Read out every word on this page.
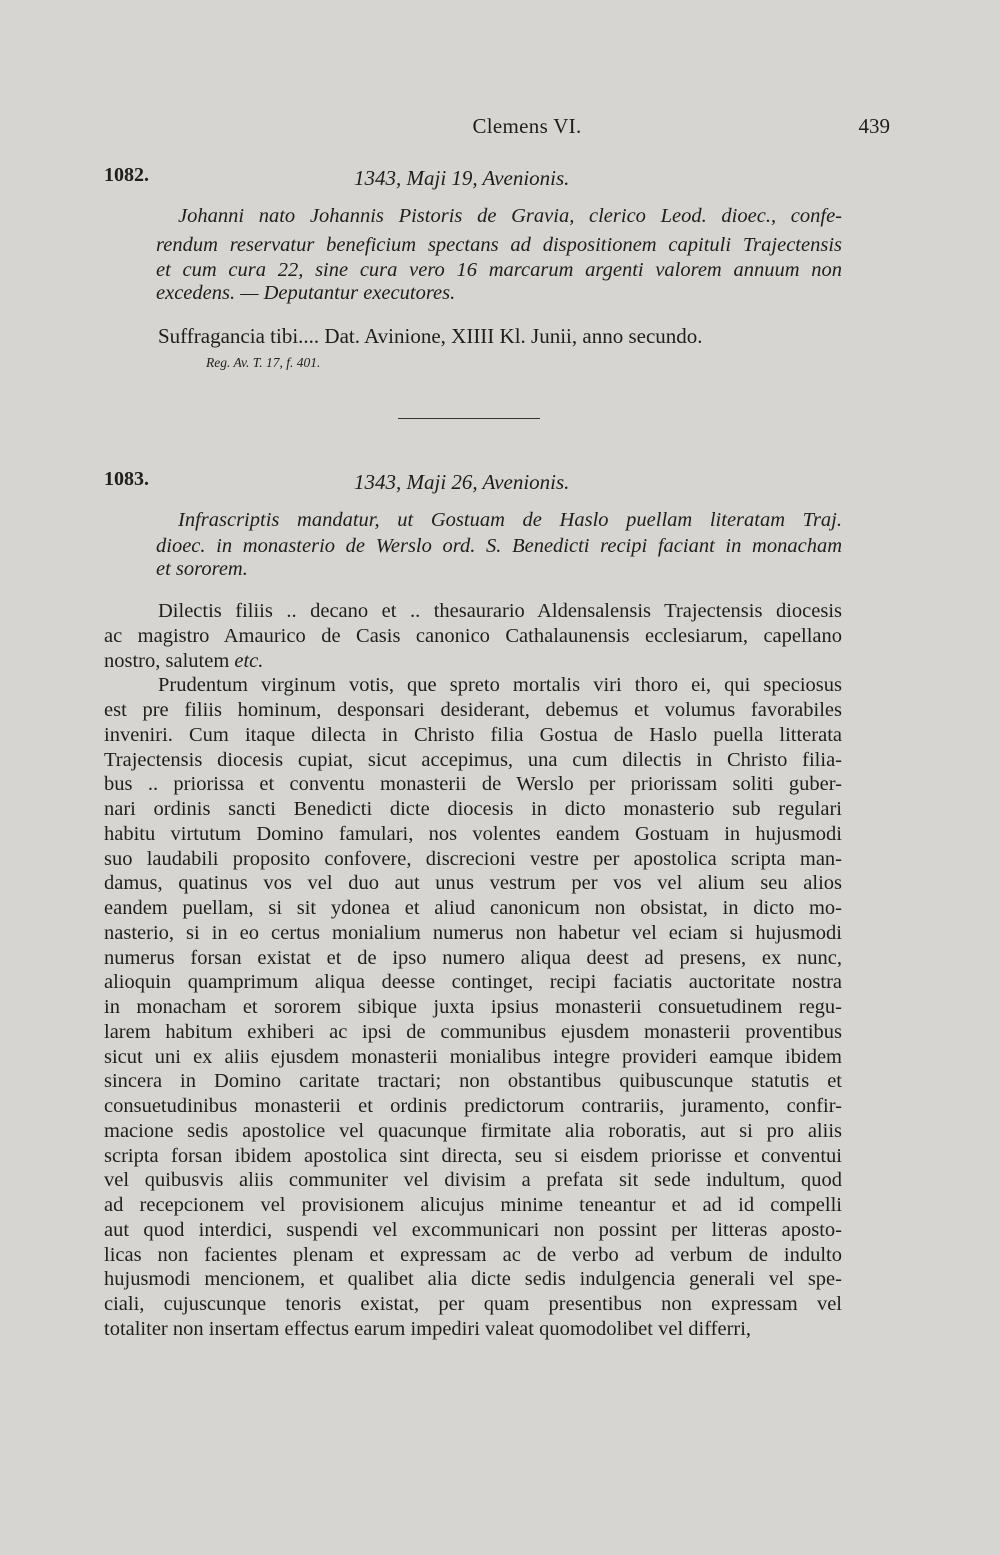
Clemens VI.	439
1082.	1343, Maji 19, Avenionis.
Johanni nato Johannis Pistoris de Gravia, clerico Leod. dioec., confe-
rendum reservatur beneficium spectans ad dispositionem capituli Trajectensis
et cum cura 22, sine cura vero 16 marcarum argenti valorem annuum non
excedens. — Deputantur executores.
Suffragancia tibi.... Dat. Avinione, XIIII Kl. Junii, anno secundo.
Reg. Av. T. 17, f. 401.
1083.	1343, Maji 26, Avenionis.
Infrascriptis mandatur, ut Gostuam de Haslo puellam literatam Traj.
dioec. in monasterio de Werslo ord. S. Benedicti recipi faciant in monacham
et sororem.
Dilectis filiis .. decano et .. thesaurario Aldensalensis Trajectensis diocesis
ac magistro Amaurico de Casis canonico Cathalaunensis ecclesiarum, capellano
nostro, salutem etc.
Prudentum virginum votis, que spreto mortalis viri thoro ei, qui speciosus
est pre filiis hominum, desponsari desiderant, debemus et volumus favorabiles
inveniri. Cum itaque dilecta in Christo filia Gostua de Haslo puella litterata
Trajectensis diocesis cupiat, sicut accepimus, una cum dilectis in Christo filia-
bus .. priorissa et conventu monasterii de Werslo per priorissam soliti guber-
nari ordinis sancti Benedicti dicte diocesis in dicto monasterio sub regulari
habitu virtutum Domino famulari, nos volentes eandem Gostuam in hujusmodi
suo laudabili proposito confovere, discrecioni vestre per apostolica scripta man-
damus, quatinus vos vel duo aut unus vestrum per vos vel alium seu alios
eandem puellam, si sit ydonea et aliud canonicum non obsistat, in dicto mo-
nasterio, si in eo certus monialium numerus non habetur vel eciam si hujusmodi
numerus forsan existat et de ipso numero aliqua deest ad presens, ex nunc,
alioquin quamprimum aliqua deesse continget, recipi faciatis auctoritate nostra
in monacham et sororem sibique juxta ipsius monasterii consuetudinem regu-
larem habitum exhiberi ac ipsi de communibus ejusdem monasterii proventibus
sicut uni ex aliis ejusdem monasterii monialibus integre provideri eamque ibidem
sincera in Domino caritate tractari; non obstantibus quibuscunque statutis et
consuetudinibus monasterii et ordinis predictorum contrariis, juramento, confir-
macione sedis apostolice vel quacunque firmitate alia roboratis, aut si pro aliis
scripta forsan ibidem apostolica sint directa, seu si eisdem priorisse et conventui
vel quibusvis aliis communiter vel divisim a prefata sit sede indultum, quod
ad recepcionem vel provisionem alicujus minime teneantur et ad id compelli
aut quod interdici, suspendi vel excommunicari non possint per litteras aposto-
licas non facientes plenam et expressam ac de verbo ad verbum de indulto
hujusmodi mencionem, et qualibet alia dicte sedis indulgencia generali vel spe-
ciali, cujuscunque tenoris existat, per quam presentibus non expressam vel
totaliter non insertam effectus earum impediri valeat quomodolibet vel differri,
